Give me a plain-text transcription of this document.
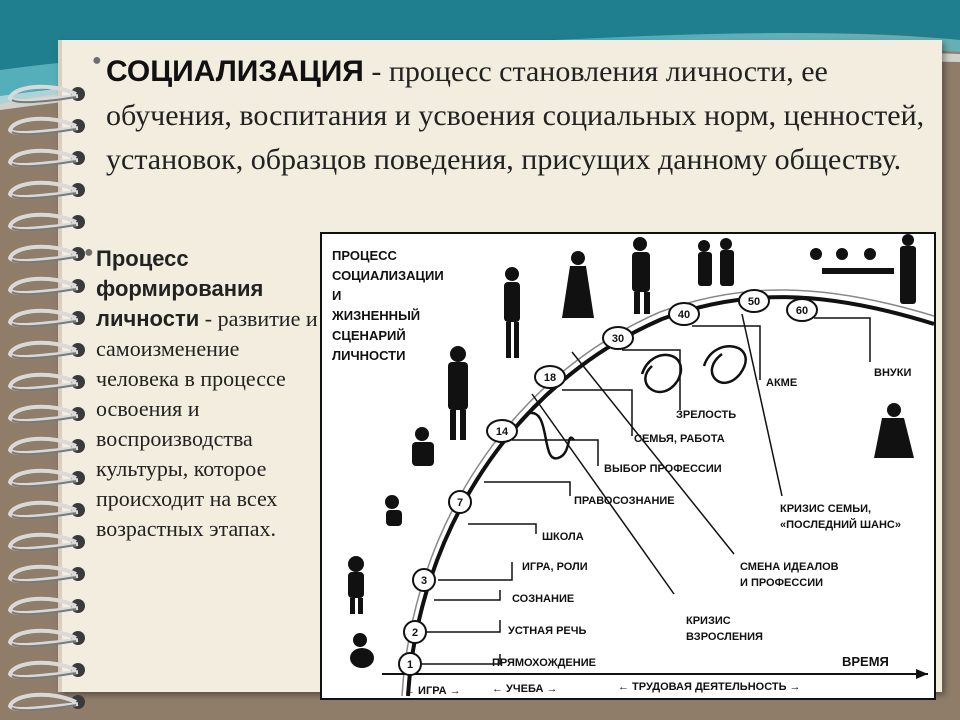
● СОЦИАЛИЗАЦИЯ - процесс становления личности, ее обучения, воспитания и усвоения социальных норм, ценностей, установок, образцов поведения, присущих данному обществу.
● Процесс формирования личности - развитие и самоизменение человека в процессе освоения и воспроизводства культуры, которое происходит на всех возрастных этапах.
ПРОЦЕСС
СОЦИАЛИЗАЦИИ
И
ЖИЗНЕННЫЙ
СЦЕНАРИЙ
ЛИЧНОСТИ
ВРЕМЯ
← ИГРА →	← УЧЕБА →	← ТРУДОВАЯ ДЕЯТЕЛЬНОСТЬ →
1
2
3
7
14
18
30
40
50
60
ПРЯМОХОЖДЕНИЕ
УСТНАЯ РЕЧЬ
СОЗНАНИЕ
ИГРА, РОЛИ
ШКОЛА
ПРАВОСОЗНАНИЕ
ВЫБОР ПРОФЕССИИ
СЕМЬЯ, РАБОТА
ЗРЕЛОСТЬ
АКМЕ
ВНУКИ
КРИЗИС
ВЗРОСЛЕНИЯ
СМЕНА ИДЕАЛОВ
И ПРОФЕССИИ
КРИЗИС СЕМЬИ,
«ПОСЛЕДНИЙ ШАНС»
